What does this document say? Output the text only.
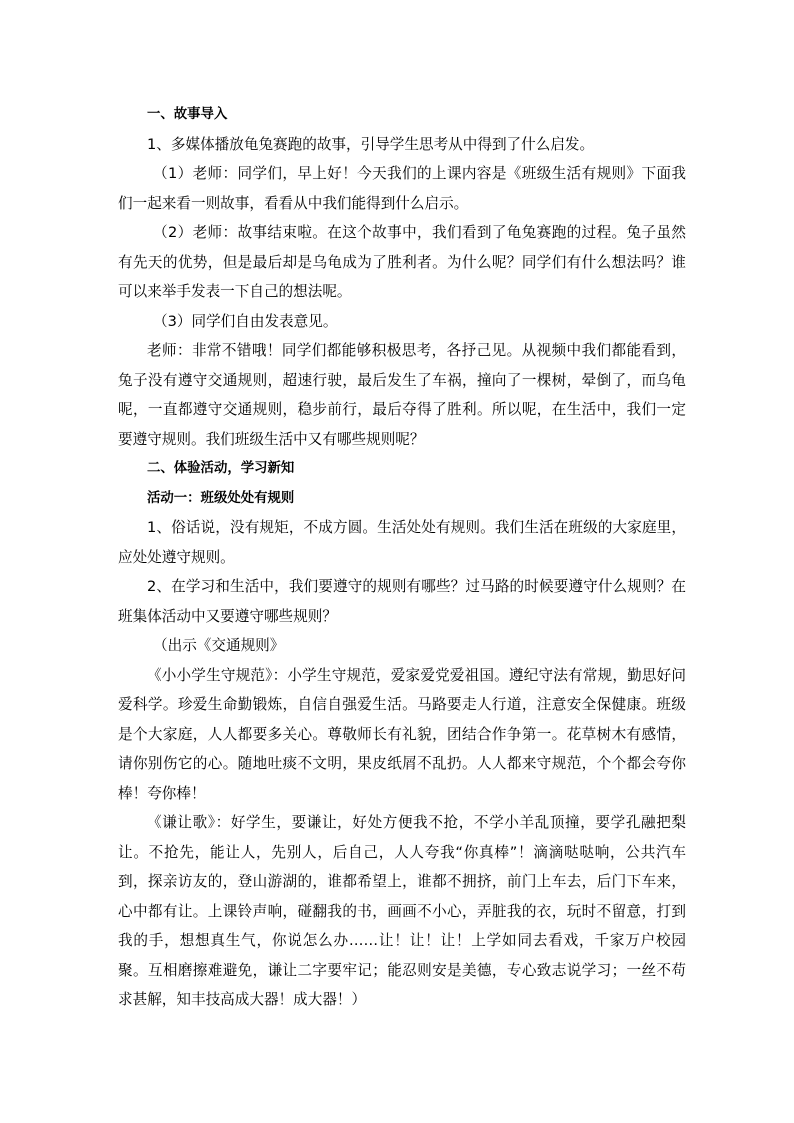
一、故事导入

1、多媒体播放龟兔赛跑的故事，引导学生思考从中得到了什么启发。

（1）老师：同学们，早上好！今天我们的上课内容是《班级生活有规则》下面我们一起来看一则故事，看看从中我们能得到什么启示。

（2）老师：故事结束啦。在这个故事中，我们看到了龟兔赛跑的过程。兔子虽然有先天的优势，但是最后却是乌龟成为了胜利者。为什么呢？同学们有什么想法吗？谁可以来举手发表一下自己的想法呢。

（3）同学们自由发表意见。

老师：非常不错哦！同学们都能够积极思考，各抒己见。从视频中我们都能看到，兔子没有遵守交通规则，超速行驶，最后发生了车祸，撞向了一棵树，晕倒了，而乌龟呢，一直都遵守交通规则，稳步前行，最后夺得了胜利。所以呢，在生活中，我们一定要遵守规则。我们班级生活中又有哪些规则呢？

二、体验活动，学习新知

活动一：班级处处有规则

1、俗话说，没有规矩，不成方圆。生活处处有规则。我们生活在班级的大家庭里，应处处遵守规则。

2、在学习和生活中，我们要遵守的规则有哪些？过马路的时候要遵守什么规则？在班集体活动中又要遵守哪些规则？

（出示《交通规则》

《小小学生守规范》：小学生守规范，爱家爱党爱祖国。遵纪守法有常规，勤思好问爱科学。珍爱生命勤锻炼，自信自强爱生活。马路要走人行道，注意安全保健康。班级是个大家庭，人人都要多关心。尊敬师长有礼貌，团结合作争第一。花草树木有感情，请你别伤它的心。随地吐痰不文明，果皮纸屑不乱扔。人人都来守规范，个个都会夸你棒！夸你棒！

《谦让歌》：好学生，要谦让，好处方便我不抢，不学小羊乱顶撞，要学孔融把梨让。不抢先，能让人，先别人，后自己，人人夸我“你真棒”！滴滴哒哒响，公共汽车到，探亲访友的，登山游湖的，谁都希望上，谁都不拥挤，前门上车去，后门下车来，心中都有让。上课铃声响，碰翻我的书，画画不小心，弄脏我的衣，玩时不留意，打到我的手，想想真生气，你说怎么办……让！让！让！上学如同去看戏，千家万户校园聚。互相磨擦难避免，谦让二字要牢记；能忍则安是美德，专心致志说学习；一丝不苟求甚解，知丰技高成大器！成大器！）
